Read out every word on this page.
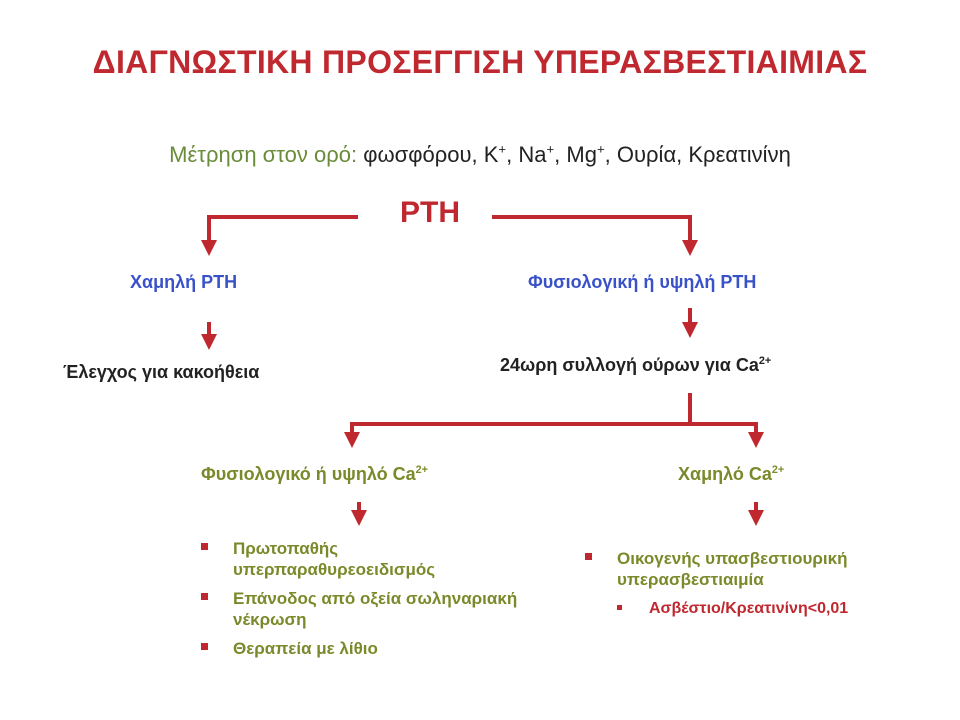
ΔΙΑΓΝΩΣΤΙΚΗ ΠΡΟΣΕΓΓΙΣΗ ΥΠΕΡΑΣΒΕΣΤΙΑΙΜΙΑΣ
Μέτρηση στον ορό: φωσφόρου, K+, Na+, Mg+, Ουρία, Κρεατινίνη
PTH
Χαμηλή PTH	Φυσιολογική ή υψηλή PTH
Έλεγχος για κακοήθεια	24ωρη συλλογή ούρων για $Ca^{2+}$
Φυσιολογικό ή υψηλό $Ca^{2+}$	Χαμηλό $Ca^{2+}$
Πρωτοπαθής υπερπαραθυρεοειδισμός
Επάνοδος από οξεία σωληναριακή νέκρωση
Θεραπεία με λίθιο
Οικογενής υπασβεστιουρική υπερασβεστιαιμία
Ασβέστιο/Κρεατινίνη<0,01
